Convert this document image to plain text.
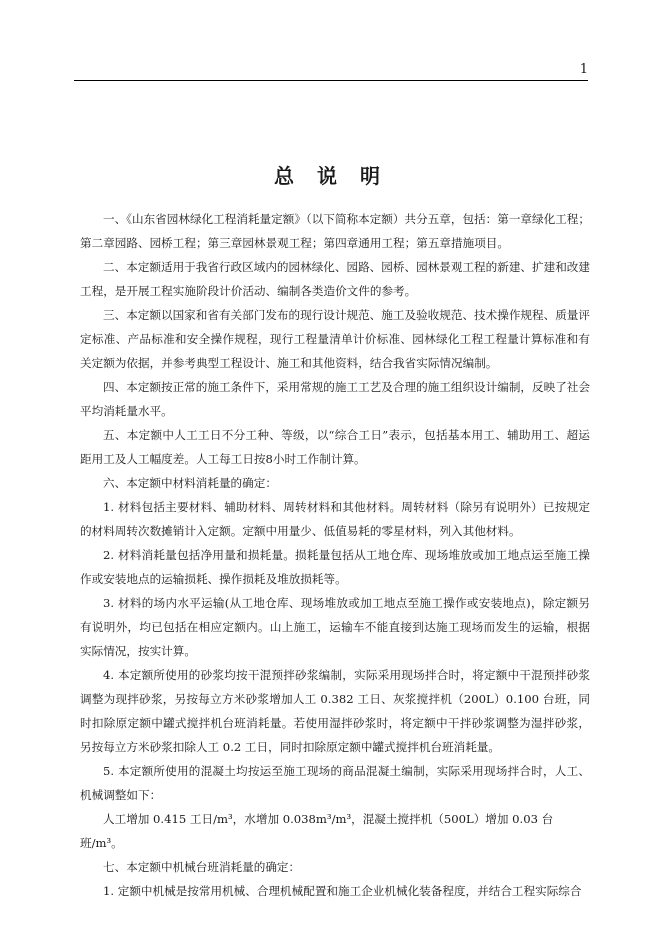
1
总 说 明

一、《山东省园林绿化工程消耗量定额》（以下简称本定额）共分五章，包括：第一章绿化工程；第二章园路、园桥工程；第三章园林景观工程；第四章通用工程；第五章措施项目。

二、本定额适用于我省行政区域内的园林绿化、园路、园桥、园林景观工程的新建、扩建和改建工程，是开展工程实施阶段计价活动、编制各类造价文件的参考。

三、本定额以国家和省有关部门发布的现行设计规范、施工及验收规范、技术操作规程、质量评定标准、产品标准和安全操作规程，现行工程量清单计价标准、园林绿化工程工程量计算标准和有关定额为依据，并参考典型工程设计、施工和其他资料，结合我省实际情况编制。

四、本定额按正常的施工条件下，采用常规的施工工艺及合理的施工组织设计编制，反映了社会平均消耗量水平。

五、本定额中人工工日不分工种、等级，以“综合工日”表示，包括基本用工、辅助用工、超运距用工及人工幅度差。人工每工日按8小时工作制计算。

六、本定额中材料消耗量的确定：

1. 材料包括主要材料、辅助材料、周转材料和其他材料。周转材料（除另有说明外）已按规定的材料周转次数摊销计入定额。定额中用量少、低值易耗的零星材料，列入其他材料。

2. 材料消耗量包括净用量和损耗量。损耗量包括从工地仓库、现场堆放或加工地点运至施工操作或安装地点的运输损耗、操作损耗及堆放损耗等。

3. 材料的场内水平运输(从工地仓库、现场堆放或加工地点至施工操作或安装地点)，除定额另有说明外，均已包括在相应定额内。山上施工，运输车不能直接到达施工现场而发生的运输，根据实际情况，按实计算。

4. 本定额所使用的砂浆均按干混预拌砂浆编制，实际采用现场拌合时，将定额中干混预拌砂浆调整为现拌砂浆，另按每立方米砂浆增加人工 0.382 工日、灰浆搅拌机（200L）0.100 台班，同时扣除原定额中罐式搅拌机台班消耗量。若使用湿拌砂浆时，将定额中干拌砂浆调整为湿拌砂浆，另按每立方米砂浆扣除人工 0.2 工日，同时扣除原定额中罐式搅拌机台班消耗量。

5. 本定额所使用的混凝土均按运至施工现场的商品混凝土编制，实际采用现场拌合时，人工、机械调整如下：

人工增加 0.415 工日/m³，水增加 0.038m³/m³，混凝土搅拌机（500L）增加 0.03 台班/m³。

七、本定额中机械台班消耗量的确定：

1. 定额中机械是按常用机械、合理机械配置和施工企业机械化装备程度，并结合工程实际综合
